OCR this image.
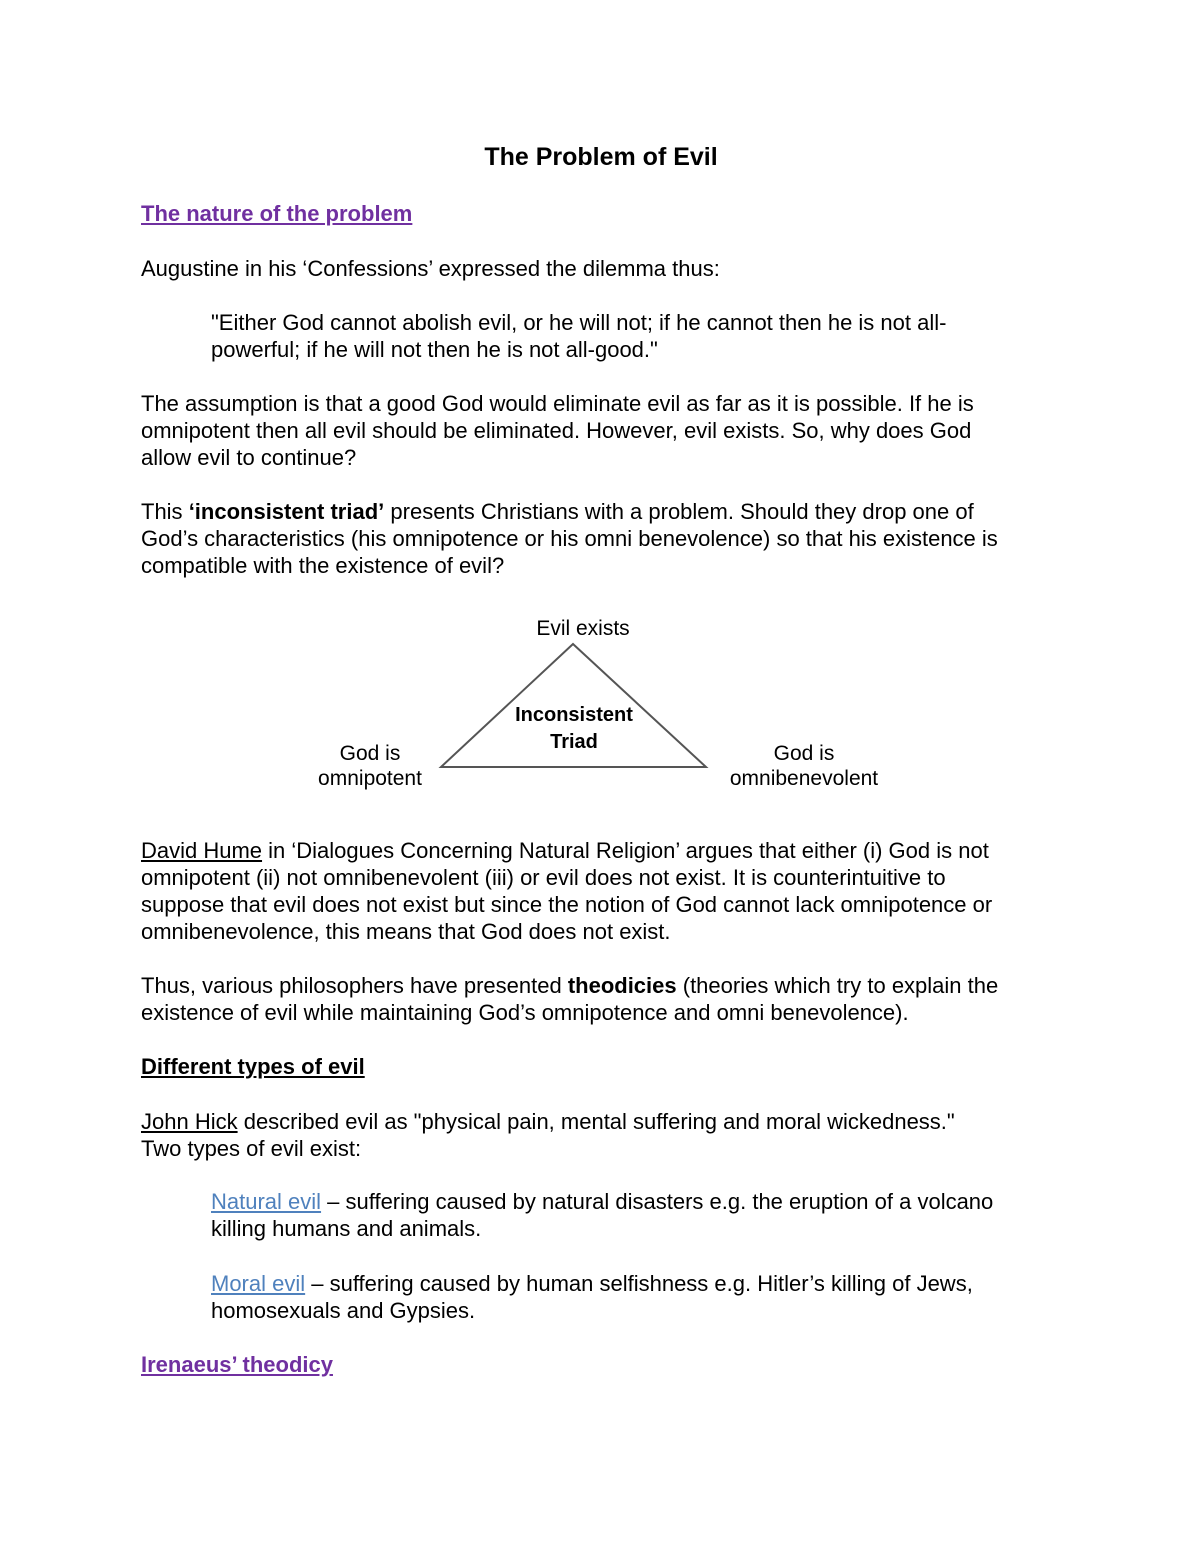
The Problem of Evil
The nature of the problem
Augustine in his ‘Confessions’ expressed the dilemma thus:
"Either God cannot abolish evil, or he will not; if he cannot then he is not all-
powerful; if he will not then he is not all-good."
The assumption is that a good God would eliminate evil as far as it is possible. If he is
omnipotent then all evil should be eliminated. However, evil exists. So, why does God
allow evil to continue?
This ‘inconsistent triad’ presents Christians with a problem. Should they drop one of
God’s characteristics (his omnipotence or his omni benevolence) so that his existence is
compatible with the existence of evil?
Evil exists
God is
omnipotent
God is
omnibenevolent
Inconsistent
Triad
David Hume in ‘Dialogues Concerning Natural Religion’ argues that either (i) God is not
omnipotent (ii) not omnibenevolent (iii) or evil does not exist. It is counterintuitive to
suppose that evil does not exist but since the notion of God cannot lack omnipotence or
omnibenevolence, this means that God does not exist.
Thus, various philosophers have presented theodicies (theories which try to explain the
existence of evil while maintaining God’s omnipotence and omni benevolence).
Different types of evil
John Hick described evil as "physical pain, mental suffering and moral wickedness."
Two types of evil exist:
Natural evil – suffering caused by natural disasters e.g. the eruption of a volcano
killing humans and animals.
Moral evil – suffering caused by human selfishness e.g. Hitler’s killing of Jews,
homosexuals and Gypsies.
Irenaeus’ theodicy
